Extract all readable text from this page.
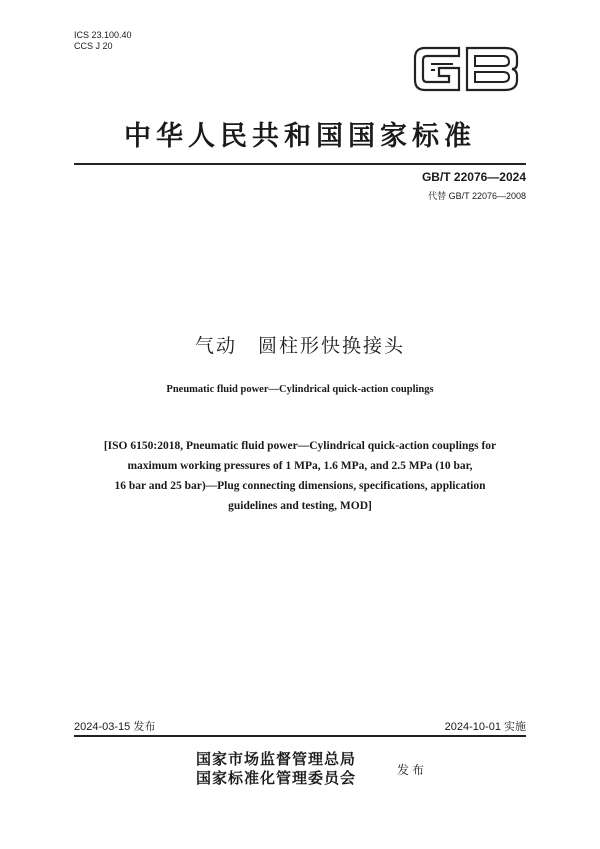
ICS 23.100.40
CCS J 20
中华人民共和国国家标准
GB/T 22076—2024
代替 GB/T 22076—2008
气动　圆柱形快换接头
Pneumatic fluid power—Cylindrical quick-action couplings
[ISO 6150:2018, Pneumatic fluid power—Cylindrical quick-action couplings for
maximum working pressures of 1 MPa, 1.6 MPa, and 2.5 MPa (10 bar,
16 bar and 25 bar)—Plug connecting dimensions, specifications, application
guidelines and testing, MOD]
2024-03-15 发布	2024-10-01 实施
国家市场监督管理总局
国家标准化管理委员会	发布
